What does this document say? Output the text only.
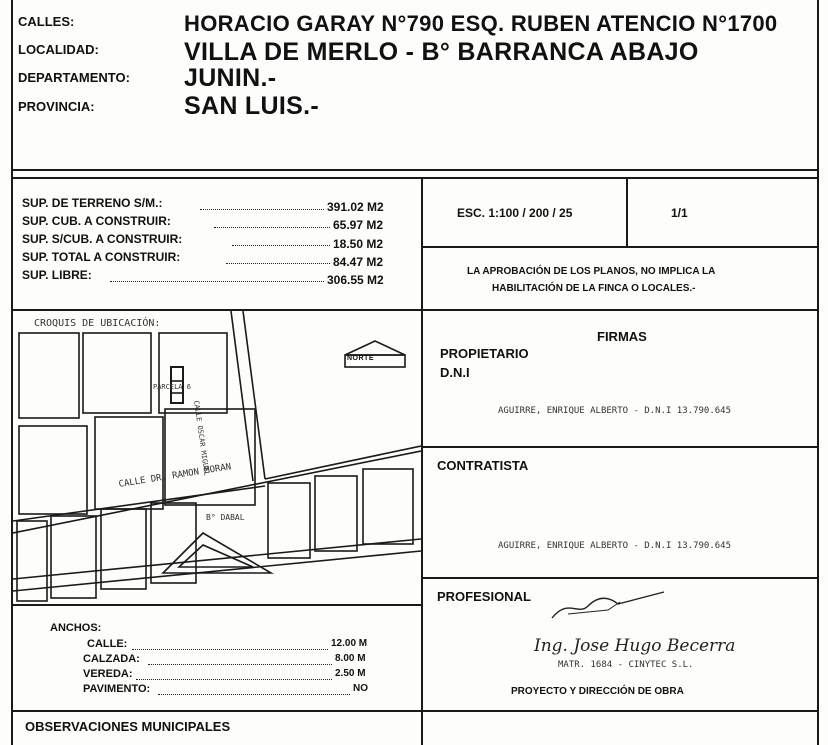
CALLES:	HORACIO GARAY N°790 ESQ. RUBEN ATENCIO N°1700
LOCALIDAD:	VILLA DE MERLO - B° BARRANCA ABAJO
DEPARTAMENTO: JUNIN.-
PROVINCIA:	SAN LUIS.-
SUP. DE TERRENO S/M.:	391.02 M2
SUP. CUB. A CONSTRUIR:	65.97 M2
SUP. S/CUB. A CONSTRUIR:	18.50 M2
SUP. TOTAL A CONSTRUIR:	84.47 M2
SUP. LIBRE:	306.55 M2
ESC. 1:100 / 200 / 25	1/1
LA APROBACIÓN DE LOS PLANOS, NO IMPLICA LA
HABILITACIÓN DE LA FINCA O LOCALES.-
CROQUIS DE UBICACIÓN:
NORTE
PARCELA 6
CALLE OSCAR MIGUEL
CALLE DR. RAMON MORAN
B° DABAL
FIRMAS
PROPIETARIO
D.N.I
AGUIRRE, ENRIQUE ALBERTO - D.N.I 13.790.645
CONTRATISTA
AGUIRRE, ENRIQUE ALBERTO - D.N.I 13.790.645
PROFESIONAL
Ing. Jose Hugo Becerra
MATR. 1684 - CINYTEC S.L.
PROYECTO Y DIRECCIÓN DE OBRA
ANCHOS:
CALLE:	12.00 M
CALZADA:	8.00 M
VEREDA:	2.50 M
PAVIMENTO:	NO
OBSERVACIONES MUNICIPALES
